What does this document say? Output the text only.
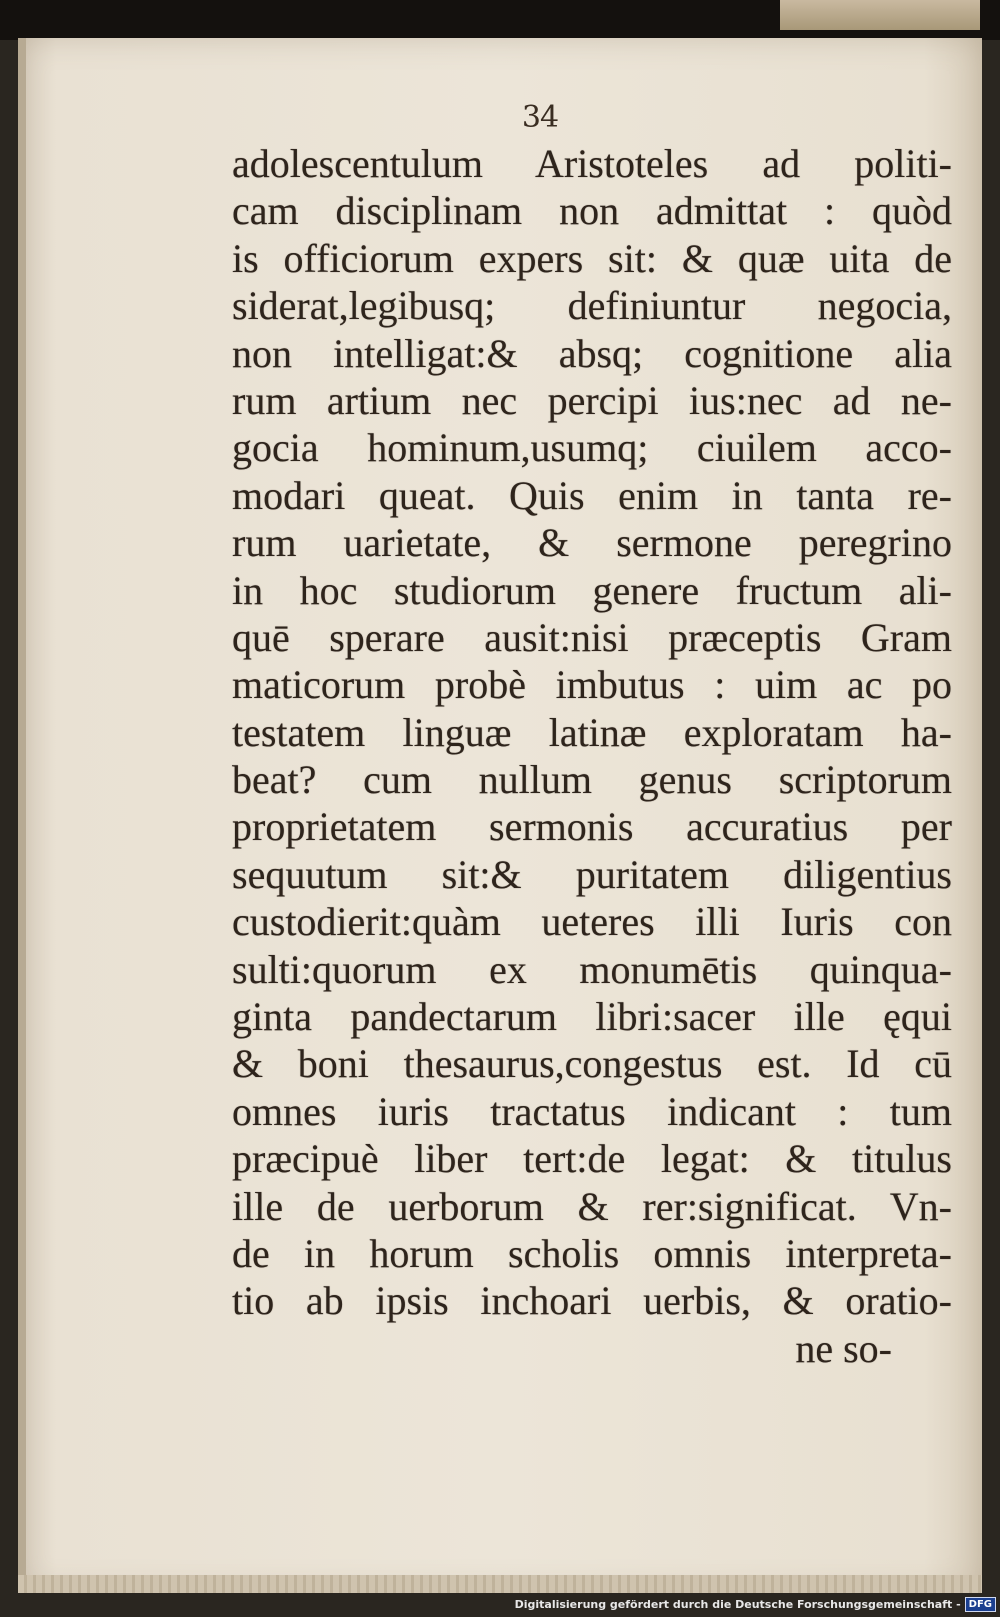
34
adolescentulum Aristoteles ad politi-
cam disciplinam non admittat : quòd
is officiorum expers sit: & quæ uita de
siderat,legibusq; definiuntur negocia,
non intelligat:& absq; cognitione alia
rum artium nec percipi ius:nec ad ne-
gocia hominum,usumq; ciuilem acco-
modari queat. Quis enim in tanta re-
rum uarietate, & sermone peregrino
in hoc studiorum genere fructum ali-
quē sperare ausit:nisi præceptis Gram
maticorum probè imbutus : uim ac po
testatem linguæ latinæ exploratam ha-
beat? cum nullum genus scriptorum
proprietatem sermonis accuratius per
sequutum sit:& puritatem diligentius
custodierit:quàm ueteres illi Iuris con
sulti:quorum ex monumētis quinqua-
ginta pandectarum libri:sacer ille ęqui
& boni thesaurus,congestus est. Id cū
omnes iuris tractatus indicant : tum
præcipuè liber tert:de legat: & titulus
ille de uerborum & rer:significat. Vn-
de in horum scholis omnis interpreta-
tio ab ipsis inchoari uerbis, & oratio-
ne so-
Digitalisierung gefördert durch die Deutsche Forschungsgemeinschaft - DFG
